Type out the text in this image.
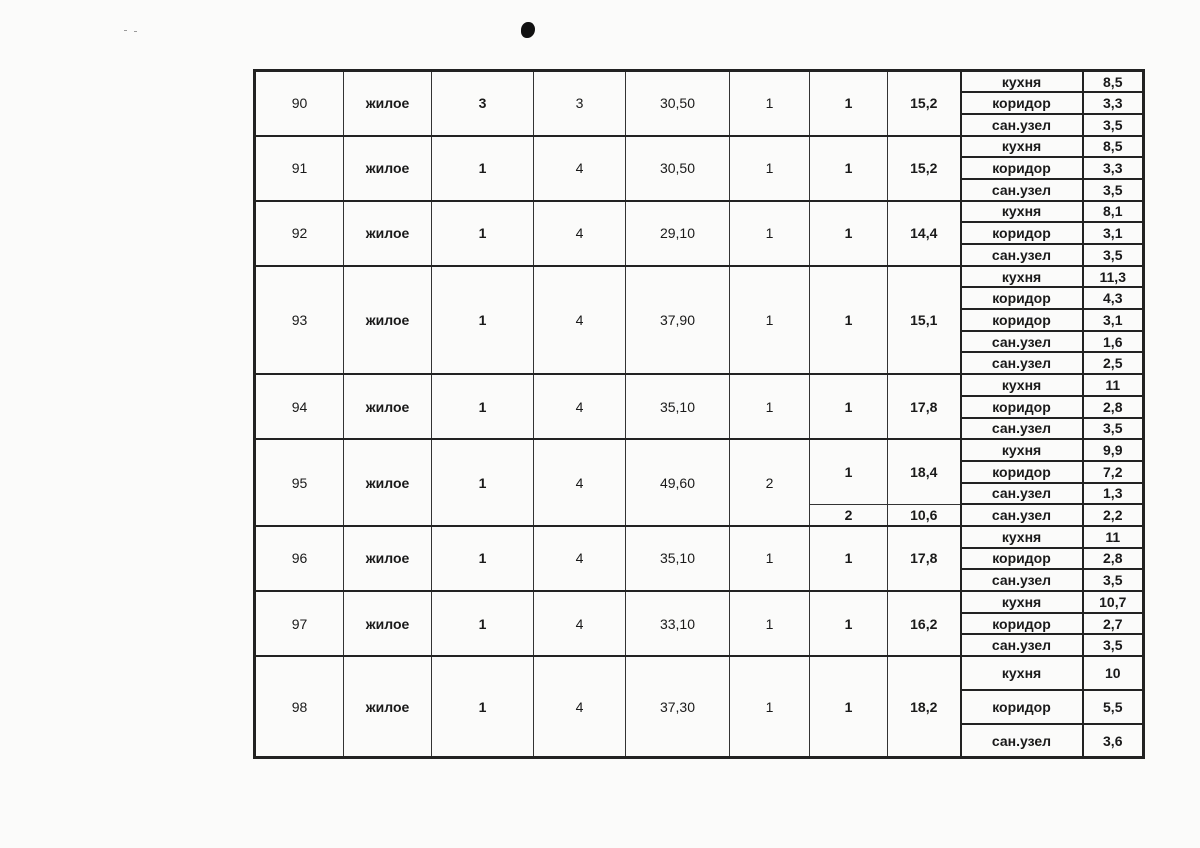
90	жилое	3	3	30,50	1	1	15,2	кухня	8,5
								коридор	3,3
								сан.узел	3,5
91	жилое	1	4	30,50	1	1	15,2	кухня	8,5
								коридор	3,3
								сан.узел	3,5
92	жилое	1	4	29,10	1	1	14,4	кухня	8,1
								коридор	3,1
								сан.узел	3,5
93	жилое	1	4	37,90	1	1	15,1	кухня	11,3
								коридор	4,3
								коридор	3,1
								сан.узел	1,6
								сан.узел	2,5
94	жилое	1	4	35,10	1	1	17,8	кухня	11
								коридор	2,8
								сан.узел	3,5
95	жилое	1	4	49,60	2	1	18,4	кухня	9,9
								коридор	7,2
								сан.узел	1,3
						2	10,6	сан.узел	2,2
96	жилое	1	4	35,10	1	1	17,8	кухня	11
								коридор	2,8
								сан.узел	3,5
97	жилое	1	4	33,10	1	1	16,2	кухня	10,7
								коридор	2,7
								сан.узел	3,5
98	жилое	1	4	37,30	1	1	18,2	кухня	10
								коридор	5,5
								сан.узел	3,6
